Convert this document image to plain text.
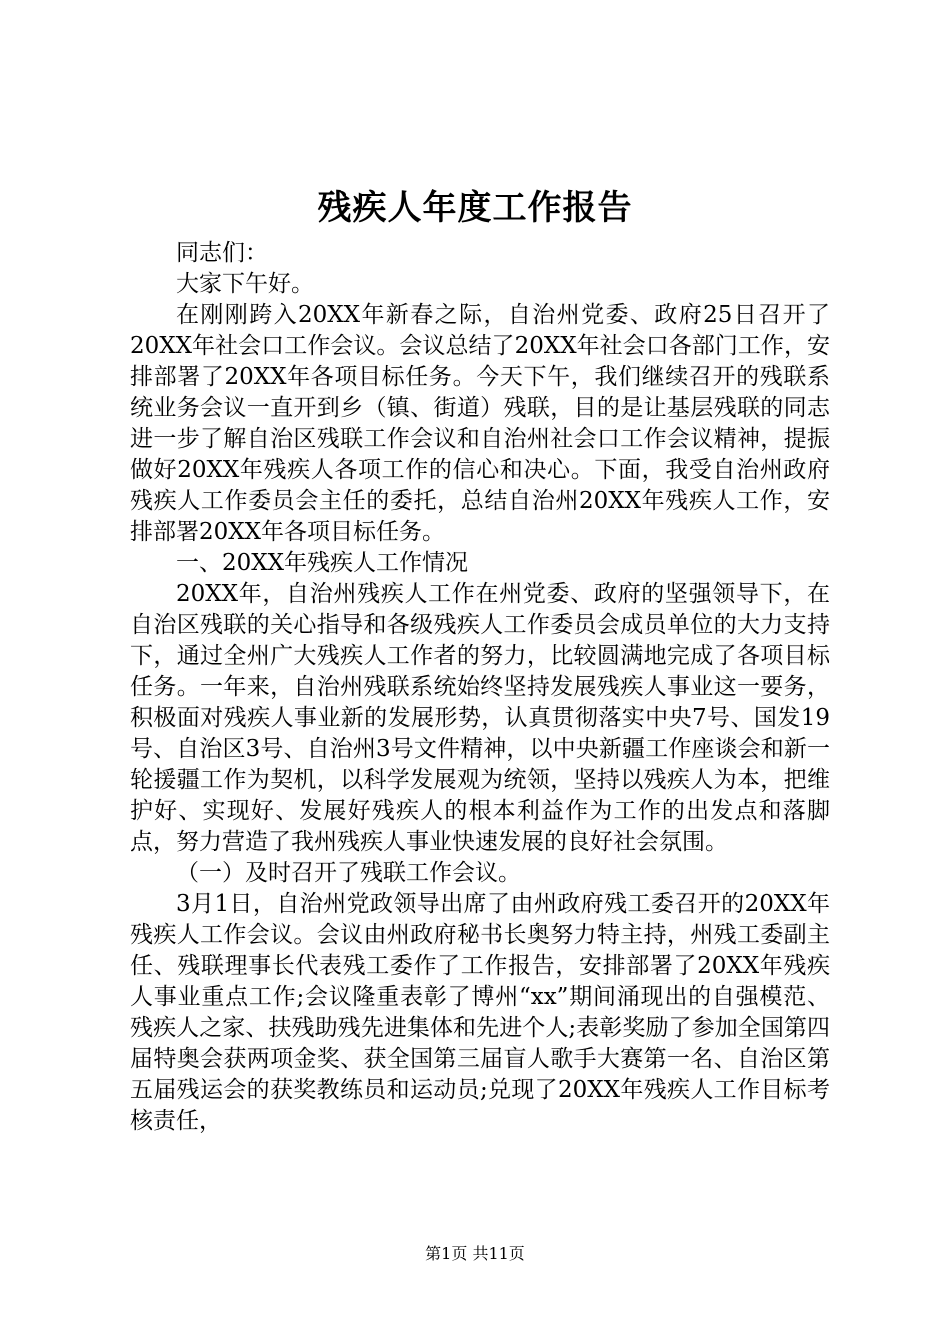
残疾人年度工作报告

同志们：

大家下午好。

在刚刚跨入20XX年新春之际，自治州党委、政府25日召开了20XX年社会口工作会议。会议总结了20XX年社会口各部门工作，安排部署了20XX年各项目标任务。今天下午，我们继续召开的残联系统业务会议一直开到乡（镇、街道）残联，目的是让基层残联的同志进一步了解自治区残联工作会议和自治州社会口工作会议精神，提振做好20XX年残疾人各项工作的信心和决心。下面，我受自治州政府残疾人工作委员会主任的委托，总结自治州20XX年残疾人工作，安排部署20XX年各项目标任务。

一、20XX年残疾人工作情况

20XX年，自治州残疾人工作在州党委、政府的坚强领导下，在自治区残联的关心指导和各级残疾人工作委员会成员单位的大力支持下，通过全州广大残疾人工作者的努力，比较圆满地完成了各项目标任务。一年来，自治州残联系统始终坚持发展残疾人事业这一要务，积极面对残疾人事业新的发展形势，认真贯彻落实中央7号、国发19号、自治区3号、自治州3号文件精神，以中央新疆工作座谈会和新一轮援疆工作为契机，以科学发展观为统领，坚持以残疾人为本，把维护好、实现好、发展好残疾人的根本利益作为工作的出发点和落脚点，努力营造了我州残疾人事业快速发展的良好社会氛围。

（一）及时召开了残联工作会议。

3月1日，自治州党政领导出席了由州政府残工委召开的20XX年残疾人工作会议。会议由州政府秘书长奥努力特主持，州残工委副主任、残联理事长代表残工委作了工作报告，安排部署了20XX年残疾人事业重点工作;会议隆重表彰了博州“xx”期间涌现出的自强模范、残疾人之家、扶残助残先进集体和先进个人;表彰奖励了参加全国第四届特奥会获两项金奖、获全国第三届盲人歌手大赛第一名、自治区第五届残运会的获奖教练员和运动员;兑现了20XX年残疾人工作目标考核责任，

第1页 共11页
